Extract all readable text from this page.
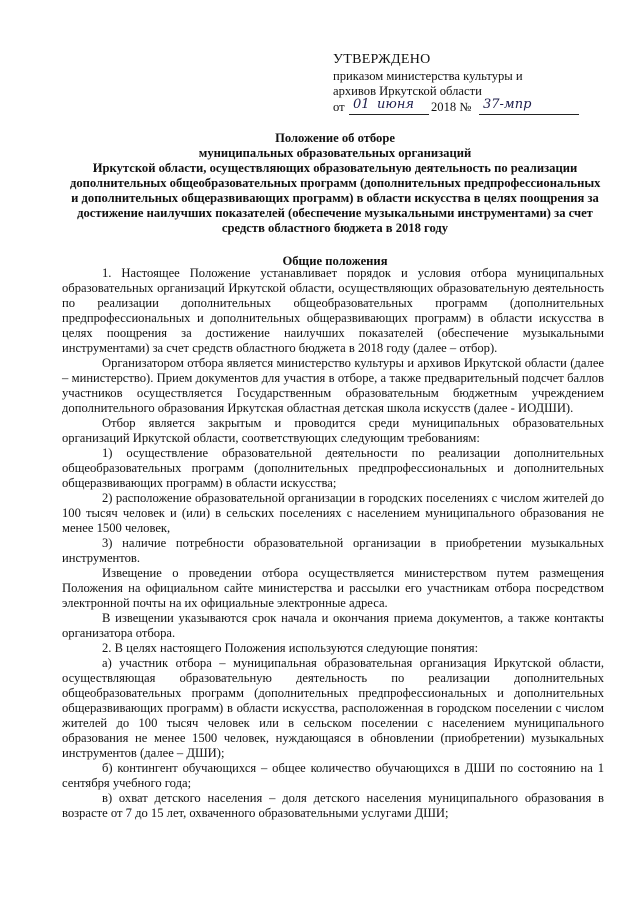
УТВЕРЖДЕНО
приказом министерства культуры и
архивов Иркутской области
от 01 июня 2018 № 37-мпр
Положение об отборе
муниципальных образовательных организаций
Иркутской области, осуществляющих образовательную деятельность по реализации
дополнительных общеобразовательных программ (дополнительных предпрофессиональных
и дополнительных общеразвивающих программ) в области искусства в целях поощрения за
достижение наилучших показателей (обеспечение музыкальными инструментами) за счет
средств областного бюджета в 2018 году
Общие положения

1. Настоящее Положение устанавливает порядок и условия отбора муниципальных образовательных организаций Иркутской области, осуществляющих образовательную деятельность по реализации дополнительных общеобразовательных программ (дополнительных предпрофессиональных и дополнительных общеразвивающих программ) в области искусства в целях поощрения за достижение наилучших показателей (обеспечение музыкальными инструментами) за счет средств областного бюджета в 2018 году (далее – отбор).

Организатором отбора является министерство культуры и архивов Иркутской области (далее – министерство). Прием документов для участия в отборе, а также предварительный подсчет баллов участников осуществляется Государственным образовательным бюджетным учреждением дополнительного образования Иркутская областная детская школа искусств (далее - ИОДШИ).

Отбор является закрытым и проводится среди муниципальных образовательных организаций Иркутской области, соответствующих следующим требованиям:

1) осуществление образовательной деятельности по реализации дополнительных общеобразовательных программ (дополнительных предпрофессиональных и дополнительных общеразвивающих программ) в области искусства;

2) расположение образовательной организации в городских поселениях с числом жителей до 100 тысяч человек и (или) в сельских поселениях с населением муниципального образования не менее 1500 человек,

3) наличие потребности образовательной организации в приобретении музыкальных инструментов.

Извещение о проведении отбора осуществляется министерством путем размещения Положения на официальном сайте министерства и рассылки его участникам отбора посредством электронной почты на их официальные электронные адреса.

В извещении указываются срок начала и окончания приема документов, а также контакты организатора отбора.

2. В целях настоящего Положения используются следующие понятия:

а) участник отбора – муниципальная образовательная организация Иркутской области, осуществляющая образовательную деятельность по реализации дополнительных общеобразовательных программ (дополнительных предпрофессиональных и дополнительных общеразвивающих программ) в области искусства, расположенная в городском поселении с числом жителей до 100 тысяч человек или в сельском поселении с населением муниципального образования не менее 1500 человек, нуждающаяся в обновлении (приобретении) музыкальных инструментов (далее – ДШИ);

б) контингент обучающихся – общее количество обучающихся в ДШИ по состоянию на 1 сентября учебного года;

в) охват детского населения – доля детского населения муниципального образования в возрасте от 7 до 15 лет, охваченного образовательными услугами ДШИ;
